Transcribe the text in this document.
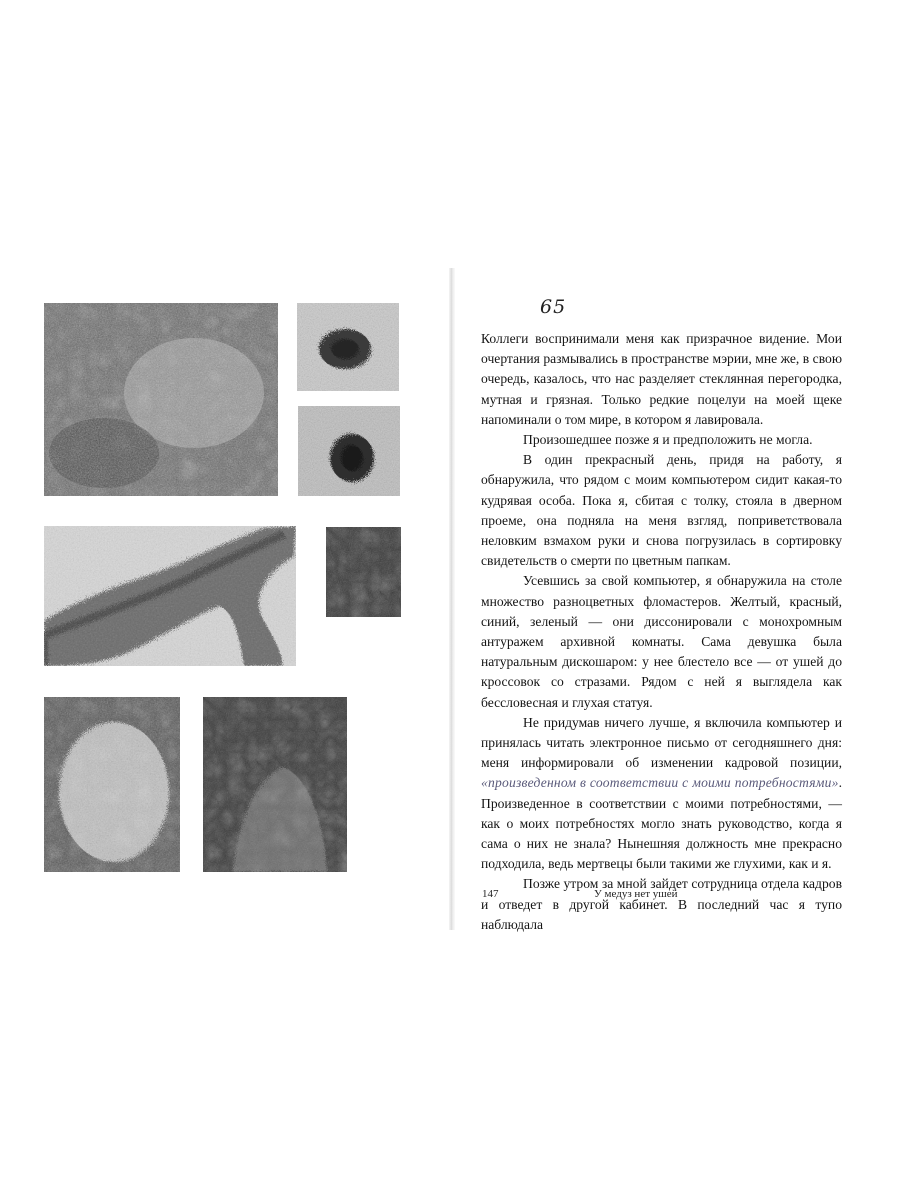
65

Коллеги воспринимали меня как призрачное видение. Мои очертания размывались в пространстве мэрии, мне же, в свою очередь, казалось, что нас разделяет стеклянная перегородка, мутная и грязная. Только редкие поцелуи на моей щеке напоминали о том мире, в котором я лавировала.

Произошедшее позже я и предположить не могла.

В один прекрасный день, придя на работу, я обнаружила, что рядом с моим компьютером сидит какая-то кудрявая особа. Пока я, сбитая с толку, стояла в дверном проеме, она подняла на меня взгляд, поприветствовала неловким взмахом руки и снова погрузилась в сортировку свидетельств о смерти по цветным папкам.

Усевшись за свой компьютер, я обнаружила на столе множество разноцветных фломастеров. Желтый, красный, синий, зеленый — они диссонировали с монохромным антуражем архивной комнаты. Сама девушка была натуральным дискошаром: у нее блестело все — от ушей до кроссовок со стразами. Рядом с ней я выглядела как бессловесная и глухая статуя.

Не придумав ничего лучше, я включила компьютер и принялась читать электронное письмо от сегодняшнего дня: меня информировали об изменении кадровой позиции, «произведенном в соответствии с моими потребностями». Произведенное в соответствии с моими потребностями, — как о моих потребностях могло знать руководство, когда я сама о них не знала? Нынешняя должность мне прекрасно подходила, ведь мертвецы были такими же глухими, как и я.

Позже утром за мной зайдет сотрудница отдела кадров и отведет в другой кабинет. В последний час я тупо наблюдала

147	У медуз нет ушей
